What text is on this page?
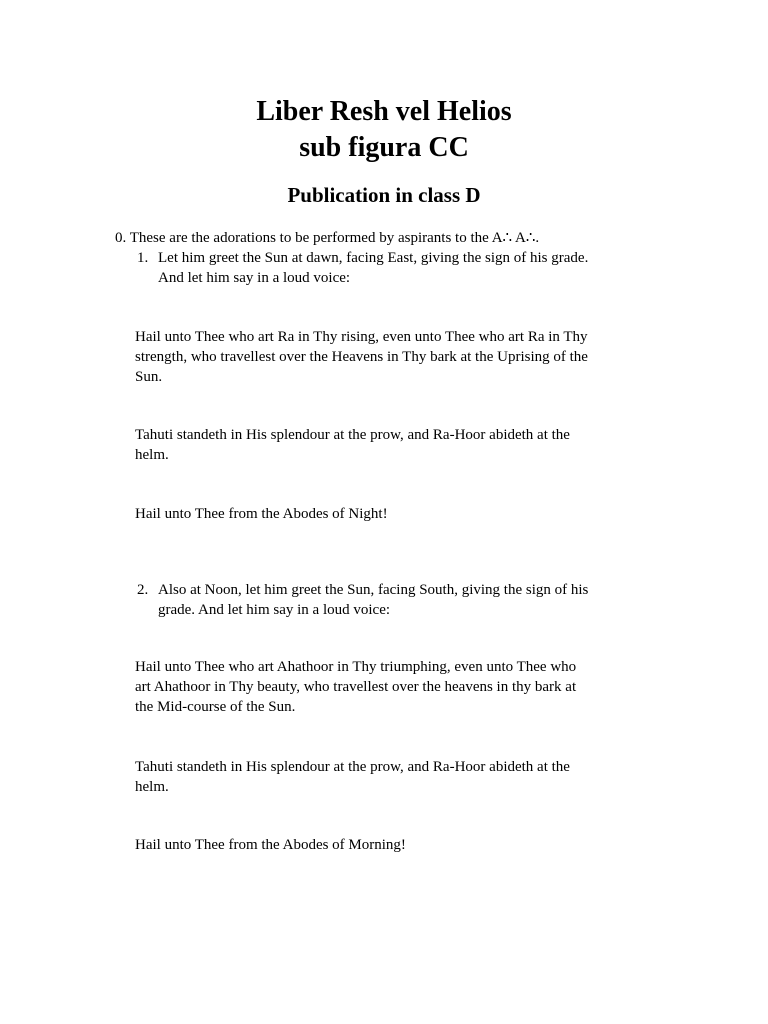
Liber Resh vel Helios
sub figura CC
Publication in class D

0. These are the adorations to be performed by aspirants to the A∴ A∴.

1. Let him greet the Sun at dawn, facing East, giving the sign of his grade.

And let him say in a loud voice:

Hail unto Thee who art Ra in Thy rising, even unto Thee who art Ra in Thy

strength, who travellest over the Heavens in Thy bark at the Uprising of the

Sun.

Tahuti standeth in His splendour at the prow, and Ra-Hoor abideth at the

helm.

Hail unto Thee from the Abodes of Night!

2. Also at Noon, let him greet the Sun, facing South, giving the sign of his

grade. And let him say in a loud voice:

Hail unto Thee who art Ahathoor in Thy triumphing, even unto Thee who

art Ahathoor in Thy beauty, who travellest over the heavens in thy bark at

the Mid-course of the Sun.

Tahuti standeth in His splendour at the prow, and Ra-Hoor abideth at the

helm.

Hail unto Thee from the Abodes of Morning!
